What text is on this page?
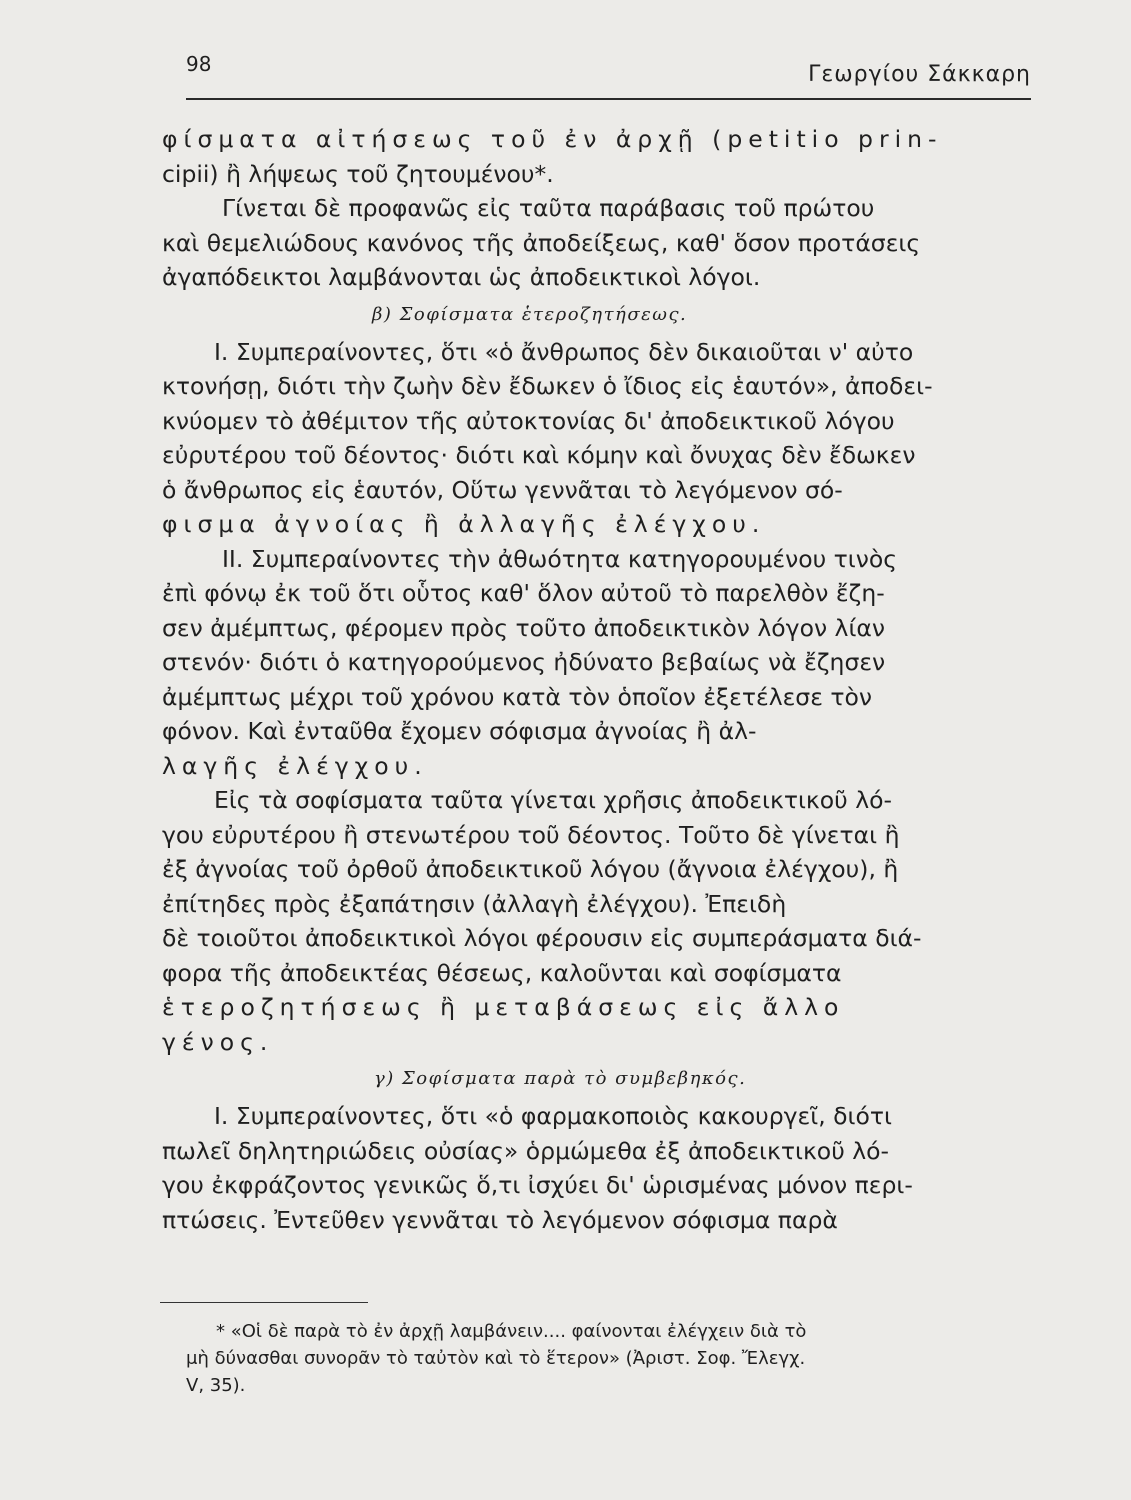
98	Γεωργίου Σάκκαρη
φίσματα αἰτήσεως τοῦ ἐν ἀρχῇ (petitio prin-
cipii) ἢ λήψεως τοῦ ζητουμένου*.
Γίνεται δὲ προφανῶς εἰς ταῦτα παράβασις τοῦ πρώτου
καὶ θεμελιώδους κανόνος τῆς ἀποδείξεως, καθ' ὅσον προτάσεις
ἀγαπόδεικτοι λαμβάνονται ὡς ἀποδεικτικοὶ λόγοι.
β) Σοφίσματα ἑτεροζητήσεως.
Ι. Συμπεραίνοντες, ὅτι «ὁ ἄνθρωπος δὲν δικαιοῦται ν' αὐτο
κτονήσῃ, διότι τὴν ζωὴν δὲν ἔδωκεν ὁ ἴδιος εἰς ἑαυτόν», ἀποδει-
κνύομεν τὸ ἀθέμιτον τῆς αὐτοκτονίας δι' ἀποδεικτικοῦ λόγου
εὐρυτέρου τοῦ δέοντος· διότι καὶ κόμην καὶ ὄνυχας δὲν ἔδωκεν
ὁ ἄνθρωπος εἰς ἑαυτόν, Οὕτω γεννᾶται τὸ λεγόμενον σό-
φισμα ἀγνοίας ἢ ἀλλαγῆς ἐλέγχου.
ΙΙ. Συμπεραίνοντες τὴν ἀθωότητα κατηγορουμένου τινὸς
ἐπὶ φόνῳ ἐκ τοῦ ὅτι οὗτος καθ' ὅλον αὐτοῦ τὸ παρελθὸν ἔζη-
σεν ἀμέμπτως, φέρομεν πρὸς τοῦτο ἀποδεικτικὸν λόγον λίαν
στενόν· διότι ὁ κατηγορούμενος ἠδύνατο βεβαίως νὰ ἔζησεν
ἀμέμπτως μέχρι τοῦ χρόνου κατὰ τὸν ὁποῖον ἐξετέλεσε τὸν
φόνον. Καὶ ἐνταῦθα ἔχομεν σόφισμα ἀγνοίας ἢ ἀλ-
λαγῆς ἐλέγχου.
Εἰς τὰ σοφίσματα ταῦτα γίνεται χρῆσις ἀποδεικτικοῦ λό-
γου εὐρυτέρου ἢ στενωτέρου τοῦ δέοντος. Τοῦτο δὲ γίνεται ἢ
ἐξ ἀγνοίας τοῦ ὀρθοῦ ἀποδεικτικοῦ λόγου (ἄγνοια ἐλέγχου), ἢ
ἐπίτηδες πρὸς ἐξαπάτησιν (ἀλλαγὴ ἐλέγχου). Ἐπειδὴ
δὲ τοιοῦτοι ἀποδεικτικοὶ λόγοι φέρουσιν εἰς συμπεράσματα διά-
φορα τῆς ἀποδεικτέας θέσεως, καλοῦνται καὶ σοφίσματα
ἑτεροζητήσεως ἢ μεταβάσεως εἰς ἄλλο
γένος.
γ) Σοφίσματα παρὰ τὸ συμβεβηκός.
Ι. Συμπεραίνοντες, ὅτι «ὁ φαρμακοποιὸς κακουργεῖ, διότι
πωλεῖ δηλητηριώδεις οὐσίας» ὁρμώμεθα ἐξ ἀποδεικτικοῦ λό-
γου ἐκφράζοντος γενικῶς ὅ,τι ἰσχύει δι' ὡρισμένας μόνον περι-
πτώσεις. Ἐντεῦθεν γεννᾶται τὸ λεγόμενον σόφισμα παρὰ
* «Οἱ δὲ παρὰ τὸ ἐν ἀρχῇ λαμβάνειν.... φαίνονται ἐλέγχειν διὰ τὸ
μὴ δύνασθαι συνορᾶν τὸ ταὐτὸν καὶ τὸ ἕτερον» (Ἀριστ. Σοφ. Ἔλεγχ.
V, 35).
